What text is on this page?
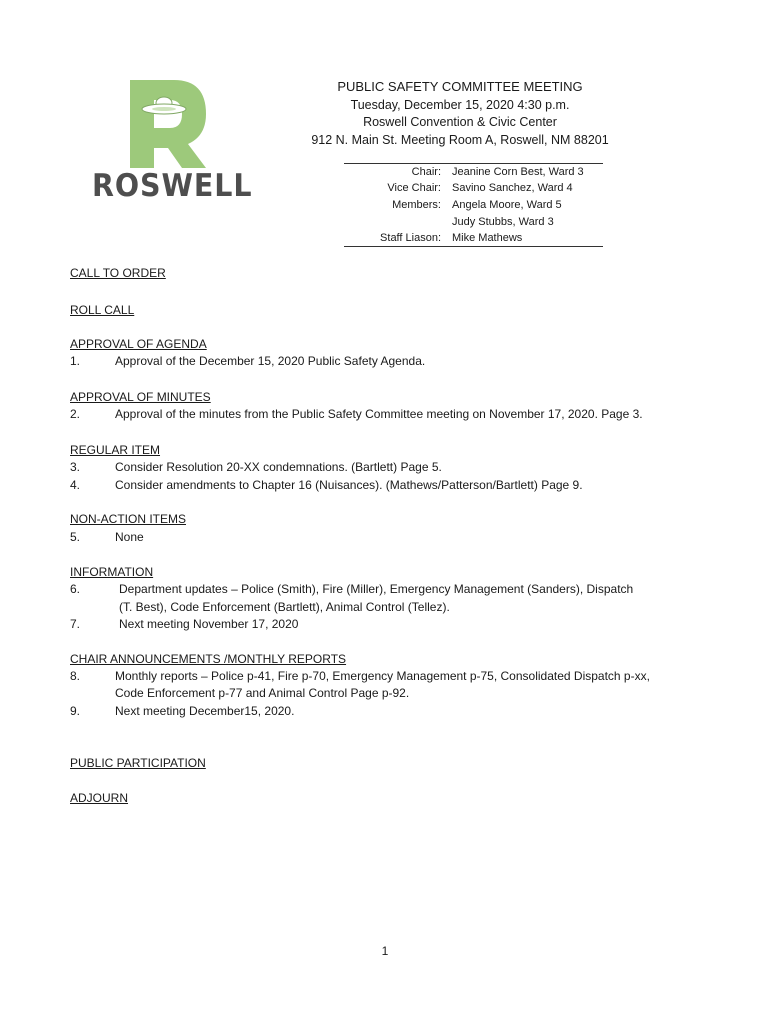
ROSWELL
PUBLIC SAFETY COMMITTEE MEETING
Tuesday, December 15, 2020 4:30 p.m.
Roswell Convention & Civic Center
912 N. Main St. Meeting Room A, Roswell, NM 88201
Chair: Jeanine Corn Best, Ward 3
Vice Chair: Savino Sanchez, Ward 4
Members: Angela Moore, Ward 5
Judy Stubbs, Ward 3
Staff Liason: Mike Mathews
CALL TO ORDER
ROLL CALL
APPROVAL OF AGENDA
1.	Approval of the December 15, 2020 Public Safety Agenda.
APPROVAL OF MINUTES
2.	Approval of the minutes from the Public Safety Committee meeting on November 17, 2020. Page 3.
REGULAR ITEM
3.	Consider Resolution 20-XX condemnations. (Bartlett) Page 5.
4.	Consider amendments to Chapter 16 (Nuisances). (Mathews/Patterson/Bartlett) Page 9.
NON-ACTION ITEMS
5.	None
INFORMATION
6.	Department updates – Police (Smith), Fire (Miller), Emergency Management (Sanders), Dispatch
(T. Best), Code Enforcement (Bartlett), Animal Control (Tellez).
7.	Next meeting November 17, 2020
CHAIR ANNOUNCEMENTS /MONTHLY REPORTS
8.	Monthly reports – Police p-41, Fire p-70, Emergency Management p-75, Consolidated Dispatch p-xx,
Code Enforcement p-77 and Animal Control Page p-92.
9.	Next meeting December15, 2020.
PUBLIC PARTICIPATION
ADJOURN
1
